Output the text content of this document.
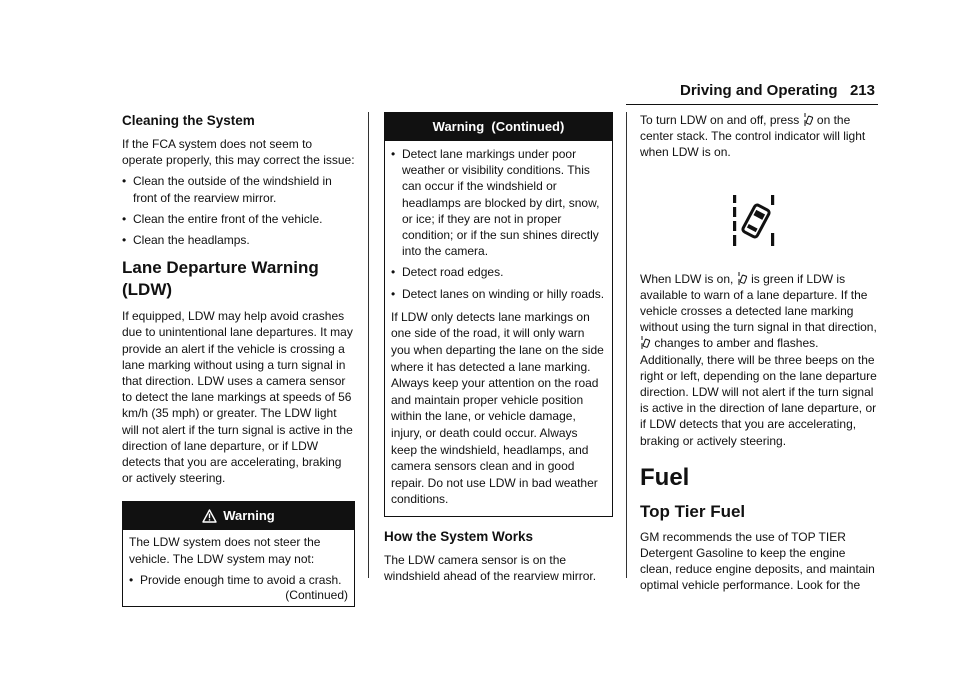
Driving and Operating 213
Cleaning the System

If the FCA system does not seem to operate properly, this may correct the issue:

• Clean the outside of the windshield in front of the rearview mirror.
• Clean the entire front of the vehicle.
• Clean the headlamps.
Lane Departure Warning (LDW)

If equipped, LDW may help avoid crashes due to unintentional lane departures. It may provide an alert if the vehicle is crossing a lane marking without using a turn signal in that direction. LDW uses a camera sensor to detect the lane markings at speeds of 56 km/h (35 mph) or greater. The LDW light will not alert if the turn signal is active in the direction of lane departure, or if LDW detects that you are accelerating, braking or actively steering.

Warning

The LDW system does not steer the vehicle. The LDW system may not:

• Provide enough time to avoid a crash.
(Continued)
Warning  (Continued)
• Detect lane markings under poor weather or visibility conditions. This can occur if the windshield or headlamps are blocked by dirt, snow, or ice; if they are not in proper condition; or if the sun shines directly into the camera.
• Detect road edges.
• Detect lanes on winding or hilly roads.

If LDW only detects lane markings on one side of the road, it will only warn you when departing the lane on the side where it has detected a lane marking. Always keep your attention on the road and maintain proper vehicle position within the lane, or vehicle damage, injury, or death could occur. Always keep the windshield, headlamps, and camera sensors clean and in good repair. Do not use LDW in bad weather conditions.

How the System Works

The LDW camera sensor is on the windshield ahead of the rearview mirror.

To turn LDW on and off, press on the center stack. The control indicator will light when LDW is on.

When LDW is on, is green if LDW is available to warn of a lane departure. If the vehicle crosses a detected lane marking without using the turn signal in that direction,  changes to amber and flashes. Additionally, there will be three beeps on the right or left, depending on the lane departure direction. LDW will not alert if the turn signal is active in the direction of lane departure, or if LDW detects that you are accelerating, braking or actively steering.

Fuel
Top Tier Fuel

GM recommends the use of TOP TIER Detergent Gasoline to keep the engine clean, reduce engine deposits, and maintain optimal vehicle performance. Look for the
